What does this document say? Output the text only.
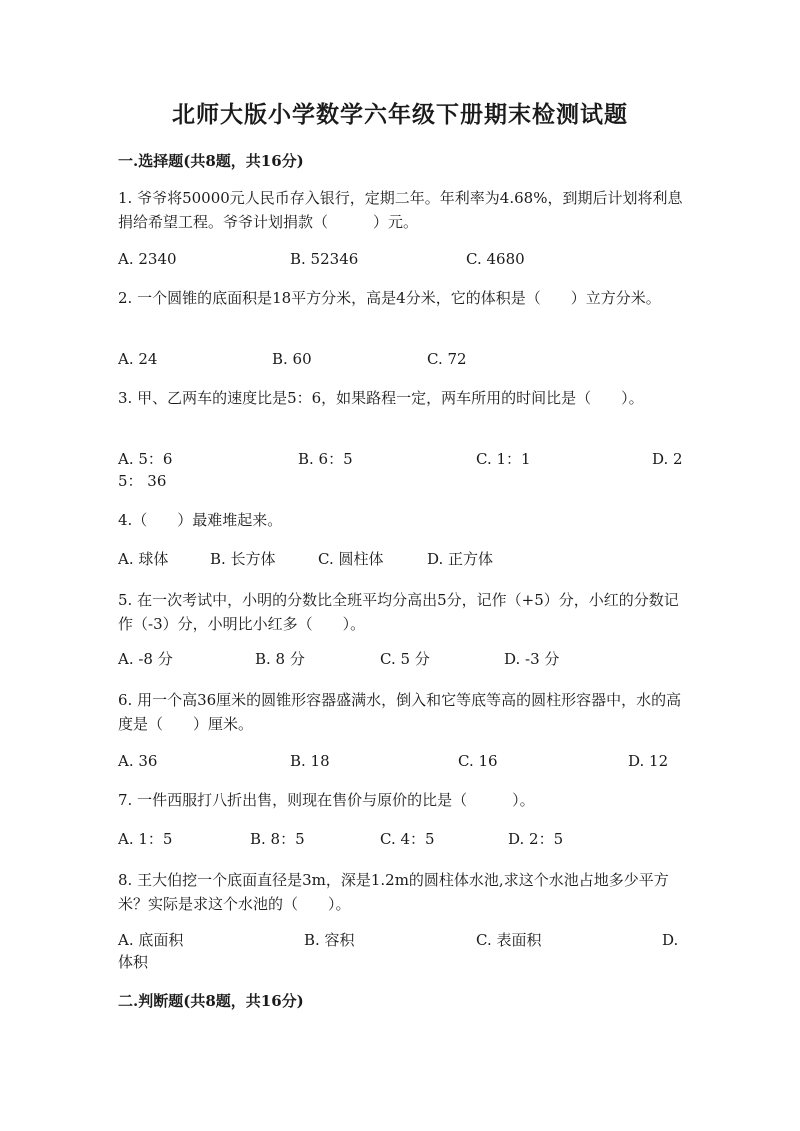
北师大版小学数学六年级下册期末检测试题
一.选择题(共8题，共16分)
1. 爷爷将50000元人民币存入银行，定期二年。年利率为4.68%，到期后计划将利息捐给希望工程。爷爷计划捐款（　　　）元。
A. 2340	B. 52346	C. 4680
2. 一个圆锥的底面积是18平方分米，高是4分米，它的体积是（　　）立方分米。
A. 24	B. 60	C. 72
3. 甲、乙两车的速度比是5：6，如果路程一定，两车所用的时间比是（　　）。
A. 5：6	B. 6：5	C. 1：1	D. 2
5： 36
4.（　　）最难堆起来。
A. 球体	B. 长方体	C. 圆柱体	D. 正方体
5. 在一次考试中，小明的分数比全班平均分高出5分，记作（+5）分，小红的分数记作（-3）分，小明比小红多（　　）。
A. -8 分	B. 8 分	C. 5 分	D. -3 分
6. 用一个高36厘米的圆锥形容器盛满水，倒入和它等底等高的圆柱形容器中，水的高度是（　　）厘米。
A. 36	B. 18	C. 16	D. 12
7. 一件西服打八折出售，则现在售价与原价的比是（　　　）。
A. 1：5	B. 8：5	C. 4：5	D. 2：5
8. 王大伯挖一个底面直径是3m，深是1.2m的圆柱体水池,求这个水池占地多少平方米？实际是求这个水池的（　　）。
A. 底面积	B. 容积	C. 表面积	D.
体积
二.判断题(共8题，共16分)
